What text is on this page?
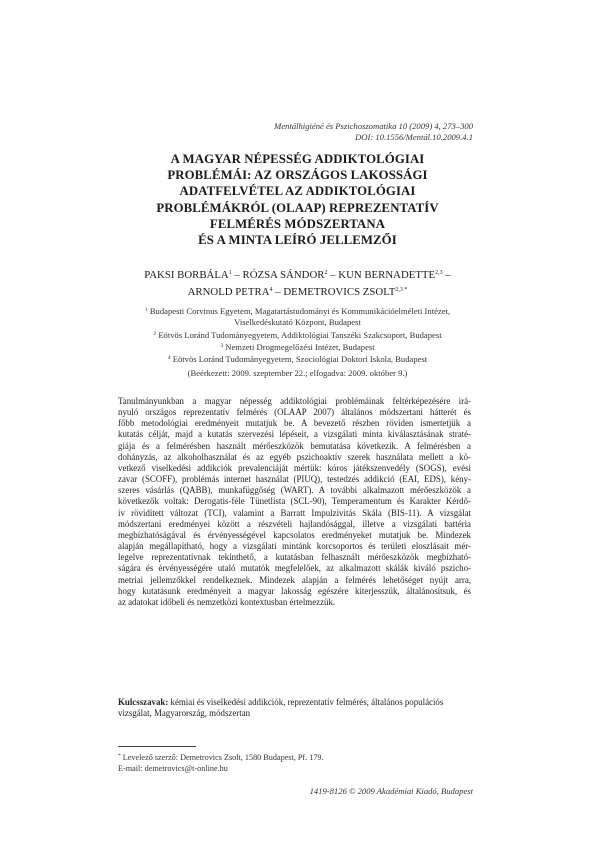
Mentálhigiéné és Pszichoszomatika 10 (2009) 4, 273–300
DOI: 10.1556/Mentál.10.2009.4.1
A MAGYAR NÉPESSÉG ADDIKTOLÓGIAI
PROBLÉMÁI: AZ ORSZÁGOS LAKOSSÁGI
ADATFELVÉTEL AZ ADDIKTOLÓGIAI
PROBLÉMÁKRÓL (OLAAP) REPREZENTATÍV
FELMÉRÉS MÓDSZERTANA
ÉS A MINTA LEÍRÓ JELLEMZŐI
PAKSI BORBÁLA$^1$ – RÓZSA SÁNDOR$^2$ – KUN BERNADETTE$^{2,3}$ –
ARNOLD PETRA$^4$ – DEMETROVICS $ZSOLT^{2,3 *}$
$^1$ Budapesti Corvinus Egyetem, Magatartástudományi és Kommunikációelméleti Intézet,
Viselkedéskutató Központ, Budapest
$^2$ Eötvös Loránd Tudományegyetem, Addiktológiai Tanszéki Szakcsoport, Budapest
$^3$ Nemzeti Drogmegelőzési Intézet, Budapest
$^4$ Eötvös Loránd Tudományegyetem, Szociológiai Doktori Iskola, Budapest
(Beérkezett: 2009. szeptember 22.; elfogadva: 2009. október 9.)
Tanulmányunkban a magyar népesség addiktológiai problémáinak feltérképezésére irá-
nyuló országos reprezentatív felmérés (OLAAP 2007) általános módszertani hátterét és
főbb metodológiai eredményeit mutatjuk be. A bevezető részben röviden ismertetjük a
kutatás célját, majd a kutatás szervezési lépéseit, a vizsgálati minta kiválasztásának straté-
giája és a felmérésben használt mérőeszközök bemutatása következik. A felmérésben a
dohányzás, az alkoholhasználat és az egyéb pszichoaktív szerek használata mellett a kö-
vetkező viselkedési addikciók prevalenciáját mértük: kóros játékszenvedély (SOGS), evési
zavar (SCOFF), problémás internet használat (PIUQ), testedzés addikció (EAI, EDS), kény-
szeres vásárlás (QABB), munkafüggőség (WART). A további alkalmazott mérőeszközök a
következők voltak: Derogatis-féle Tünetlista (SCL-90), Temperamentum és Karakter Kérdő-
ív rövidített változat (TCI), valamint a Barratt Impulzivitás Skála (BIS-11). A vizsgálat
módszertani eredményei között a részvételi hajlandósággal, illetve a vizsgálati battéria
megbízhatóságával és érvényességével kapcsolatos eredményeket mutatjuk be. Mindezek
alapján megállapítható, hogy a vizsgálati mintánk korcsoportos és területi eloszlásait mér-
legelve reprezentatívnak tekinthető, a kutatásban felhasznált mérőeszközök megbízható-
ságára és érvényességére utaló mutatók megfelelőek, az alkalmazott skálák kiváló pszicho-
metriai jellemzőkkel rendelkeznek. Mindezek alapján a felmérés lehetőséget nyújt arra,
hogy kutatásunk eredményeit a magyar lakosság egészére kiterjesszük, általánosítsuk, és
az adatokat időbeli és nemzetközi kontextusban értelmezzük.
Kulcsszavak: kémiai és viselkedési addikciók, reprezentatív felmérés, általános populációs
vizsgálat, Magyarország, módszertan
* Levelező szerző: Demetrovics Zsolt, 1580 Budapest, Pf. 179.
E-mail: demetrovics@t-online.hu
1419-8126 © 2009 Akadémiai Kiadó, Budapest
